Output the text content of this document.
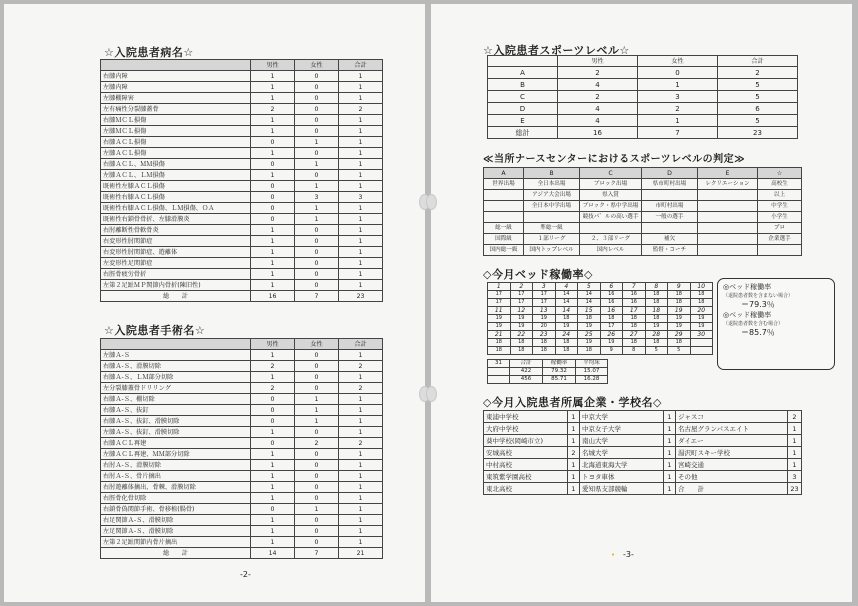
☆入院患者病名☆
	男性	女性	合計
右膝内障	1	0	1
左膝内障	1	0	1
左膝棚障害	1	0	1
左有痛性分裂膝蓋骨	2	0	2
右膝ＭＣＬ損傷	1	0	1
左膝ＭＣＬ損傷	1	0	1
右膝ＡＣＬ損傷	0	1	1
左膝ＡＣＬ損傷	1	0	1
右膝ＡＣＬ、ＭＭ損傷	0	1	1
左膝ＡＣＬ、ＬＭ損傷	1	0	1
既術性左膝ＡＣＬ損傷	0	1	1
既術性右膝ＡＣＬ損傷	0	3	3
既術性右膝ＡＣＬ損傷、ＬＭ損傷、ＯＡ	0	1	1
既術性右鎖骨骨折、左膝滑膜炎	0	1	1
右肘離断性骨軟骨炎	1	0	1
右変形性肘関節症	1	0	1
右変形性肘関節症、遊離体	1	0	1
左変形性足関節症	1	0	1
右脛骨疲労骨折	1	0	1
左第２足趾ＭＰ関節内骨折(陳旧性)	1	0	1
総　　計	16	7	23
☆入院患者手術名☆
	男性	女性	合計
左膝Ａ-Ｓ	1	0	1
右膝Ａ-Ｓ、滑膜切除	2	0	2
右膝Ａ-Ｓ、ＬＭ部分切除	1	0	1
左分裂膝蓋骨ドリリング	2	0	2
右膝Ａ-Ｓ、棚切除	0	1	1
右膝Ａ-Ｓ、抜釘	0	1	1
右膝Ａ-Ｓ、抜釘、滑膜切除	0	1	1
左膝Ａ-Ｓ、抜釘、滑膜切除	1	0	1
右膝ＡＣＬ再建	0	2	2
左膝ＡＣＬ再建、ＭＭ部分切除	1	0	1
右肘Ａ-Ｓ、滑膜切除	1	0	1
右肘Ａ-Ｓ、骨片摘出	1	0	1
右肘遊離体摘出、骨棘、滑膜切除	1	0	1
右脛骨化骨切除	1	0	1
右鎖骨偽関節手術、骨移植(腸骨)	0	1	1
右足関節Ａ-Ｓ、滑膜切除	1	0	1
左足関節Ａ-Ｓ、滑膜切除	1	0	1
左第２足趾関節内骨片摘出	1	0	1
総　　計	14	7	21
-2-
☆入院患者スポーツレベル☆
	男性	女性	合計
A	2	0	2
B	4	1	5
C	2	3	5
D	4	2	6
E	4	1	5
総計	16	7	23
≪当所ナースセンターにおけるスポーツレベルの判定≫
A	B	C	D	E	☆
世界出場	全日本出場	ブロック出場	県市町村出場	レクリエーション	高校生
	アジア大会出場	県入賞			以上
	全日本中学出場	ブロック・県中学出場	市町村出場		中学生
		競技パ゛ルの高い選手	一般の選手		小学生
総一級	準総一級				プロ
国際級	１部リーグ	２、３部リーグ	補欠		企業選手
国内総一級	国内トップレベル	国内レベル	監督・コーチ		
◇今月ベッド稼働率◇
1	2	3	4	5	6	7	8	9	10
17	17	17	14	14	16	16	18	18	18
17	17	17	14	14	16	16	18	18	18
11	12	13	14	15	16	17	18	19	20
19	19	19	18	18	18	18	18	19	19
19	19	20	19	19	17	18	19	19	19
21	22	23	24	25	26	27	28	29	30
18	18	18	18	19	19	18	18	18	
18	18	18	18	18	9	8	5	5	
31	合計	稼働率	平均床
	422	79.32	15.07
	456	85.71	16.28
◎ベッド稼働率
（退院患者数を含まない場合）
＝79.3％
◎ベッド稼働率
（退院患者数を含む場合）
＝85.7％
◇今月入院患者所属企業・学校名◇
東浦中学校	1	中京大学	1	ジャスコ	2
大府中学校	1	中京女子大学	1	名古屋グランパスエイト	1
葵中学校(岡崎市立)	1	南山大学	1	ダイエー	1
安城高校	2	名城大学	1	湯沢町スキー学校	1
中村高校	1	北海道東海大学	1	宮崎交通	1
東筑紫学園高校	1	トヨタ車体	1	その他	3
東北高校	1	愛知県支部競輪	1	合　　計	23
• -3-
